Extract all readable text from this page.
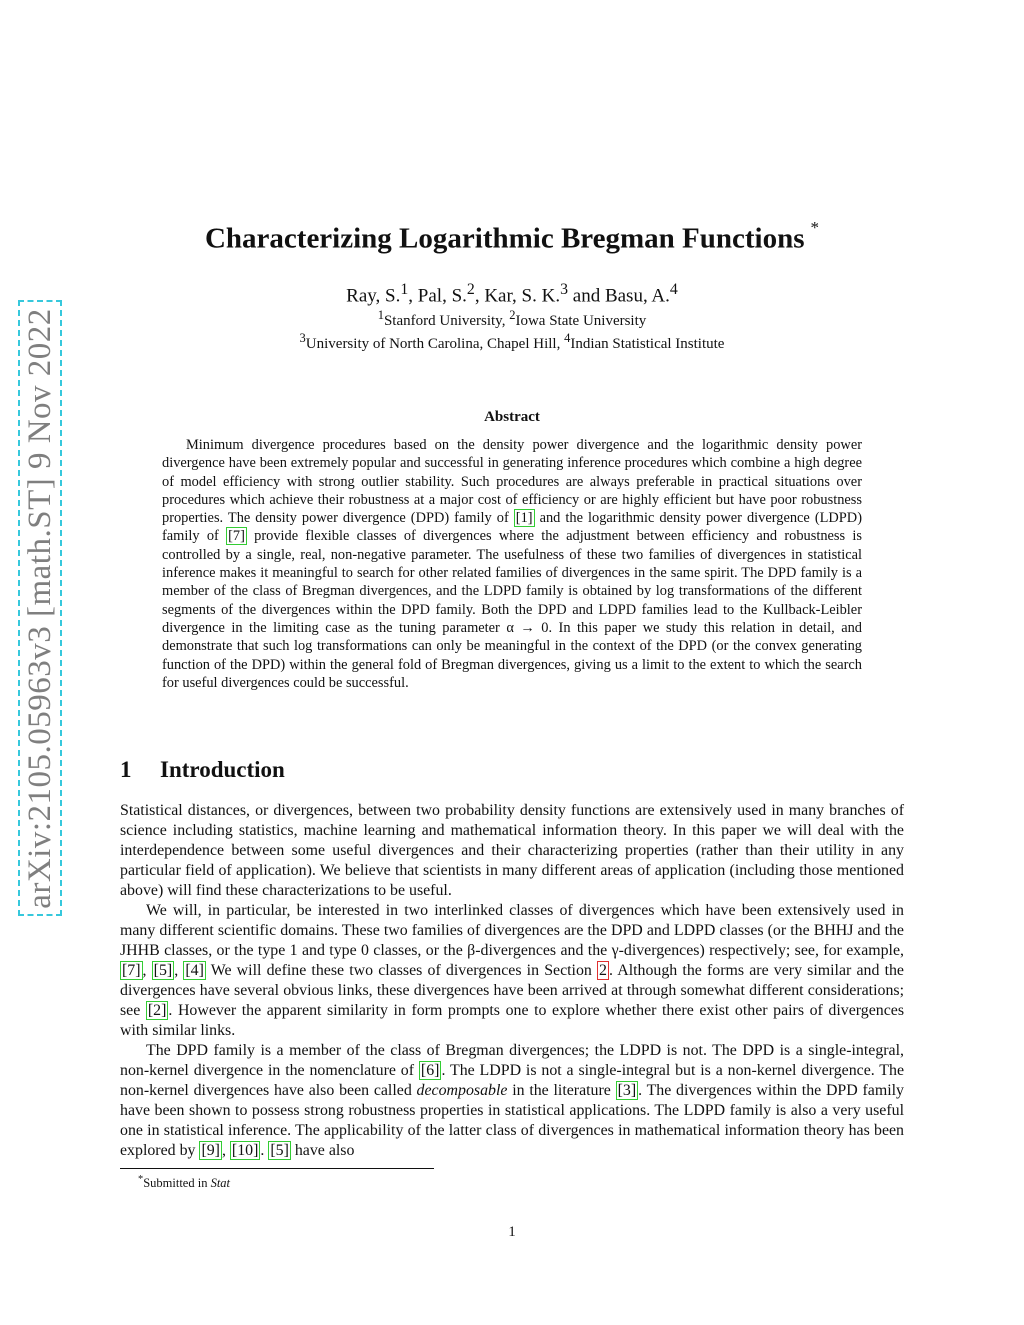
arXiv:2105.05963v3 [math.ST] 9 Nov 2022
Characterizing Logarithmic Bregman Functions *
Ray, S.$^1$, Pal, S.$^2$, Kar, S. K.$^3$ and Basu, A.$^4$
$^1$Stanford University, $^2$Iowa State University
$^3$University of North Carolina, Chapel Hill, $^4$Indian Statistical Institute
Abstract

Minimum divergence procedures based on the density power divergence and the logarithmic density power divergence have been extremely popular and successful in generating inference procedures which combine a high degree of model efficiency with strong outlier stability. Such procedures are always preferable in practical situations over procedures which achieve their robustness at a major cost of efficiency or are highly efficient but have poor robustness properties. The density power divergence (DPD) family of [1] and the logarithmic density power divergence (LDPD) family of [7] provide flexible classes of divergences where the adjustment between efficiency and robustness is controlled by a single, real, non-negative parameter. The usefulness of these two families of divergences in statistical inference makes it meaningful to search for other related families of divergences in the same spirit. The DPD family is a member of the class of Bregman divergences, and the LDPD family is obtained by log transformations of the different segments of the divergences within the DPD family. Both the DPD and LDPD families lead to the Kullback-Leibler divergence in the limiting case as the tuning parameter α → 0. In this paper we study this relation in detail, and demonstrate that such log transformations can only be meaningful in the context of the DPD (or the convex generating function of the DPD) within the general fold of Bregman divergences, giving us a limit to the extent to which the search for useful divergences could be successful.

1 Introduction

Statistical distances, or divergences, between two probability density functions are extensively used in many branches of science including statistics, machine learning and mathematical information theory. In this paper we will deal with the interdependence between some useful divergences and their characterizing properties (rather than their utility in any particular field of application). We believe that scientists in many different areas of application (including those mentioned above) will find these characterizations to be useful.

We will, in particular, be interested in two interlinked classes of divergences which have been extensively used in many different scientific domains. These two families of divergences are the DPD and LDPD classes (or the BHHJ and the JHHB classes, or the type 1 and type 0 classes, or the β-divergences and the γ-divergences) respectively; see, for example, [7] , [5] , [4] We will define these two classes of divergences in Section 2 . Although the forms are very similar and the divergences have several obvious links, these divergences have been arrived at through somewhat different considerations; see [2] . However the apparent similarity in form prompts one to explore whether there exist other pairs of divergences with similar links.

The DPD family is a member of the class of Bregman divergences; the LDPD is not. The DPD is a single-integral, non-kernel divergence in the nomenclature of [6] . The LDPD is not a single-integral but is a non-kernel divergence. The non-kernel divergences have also been called decomposable in the literature [3] . The divergences within the DPD family have been shown to possess strong robustness properties in statistical applications. The LDPD family is also a very useful one in statistical inference. The applicability of the latter class of divergences in mathematical information theory has been explored by [9] , [10] . [5] have also

*Submitted in Stat
1
